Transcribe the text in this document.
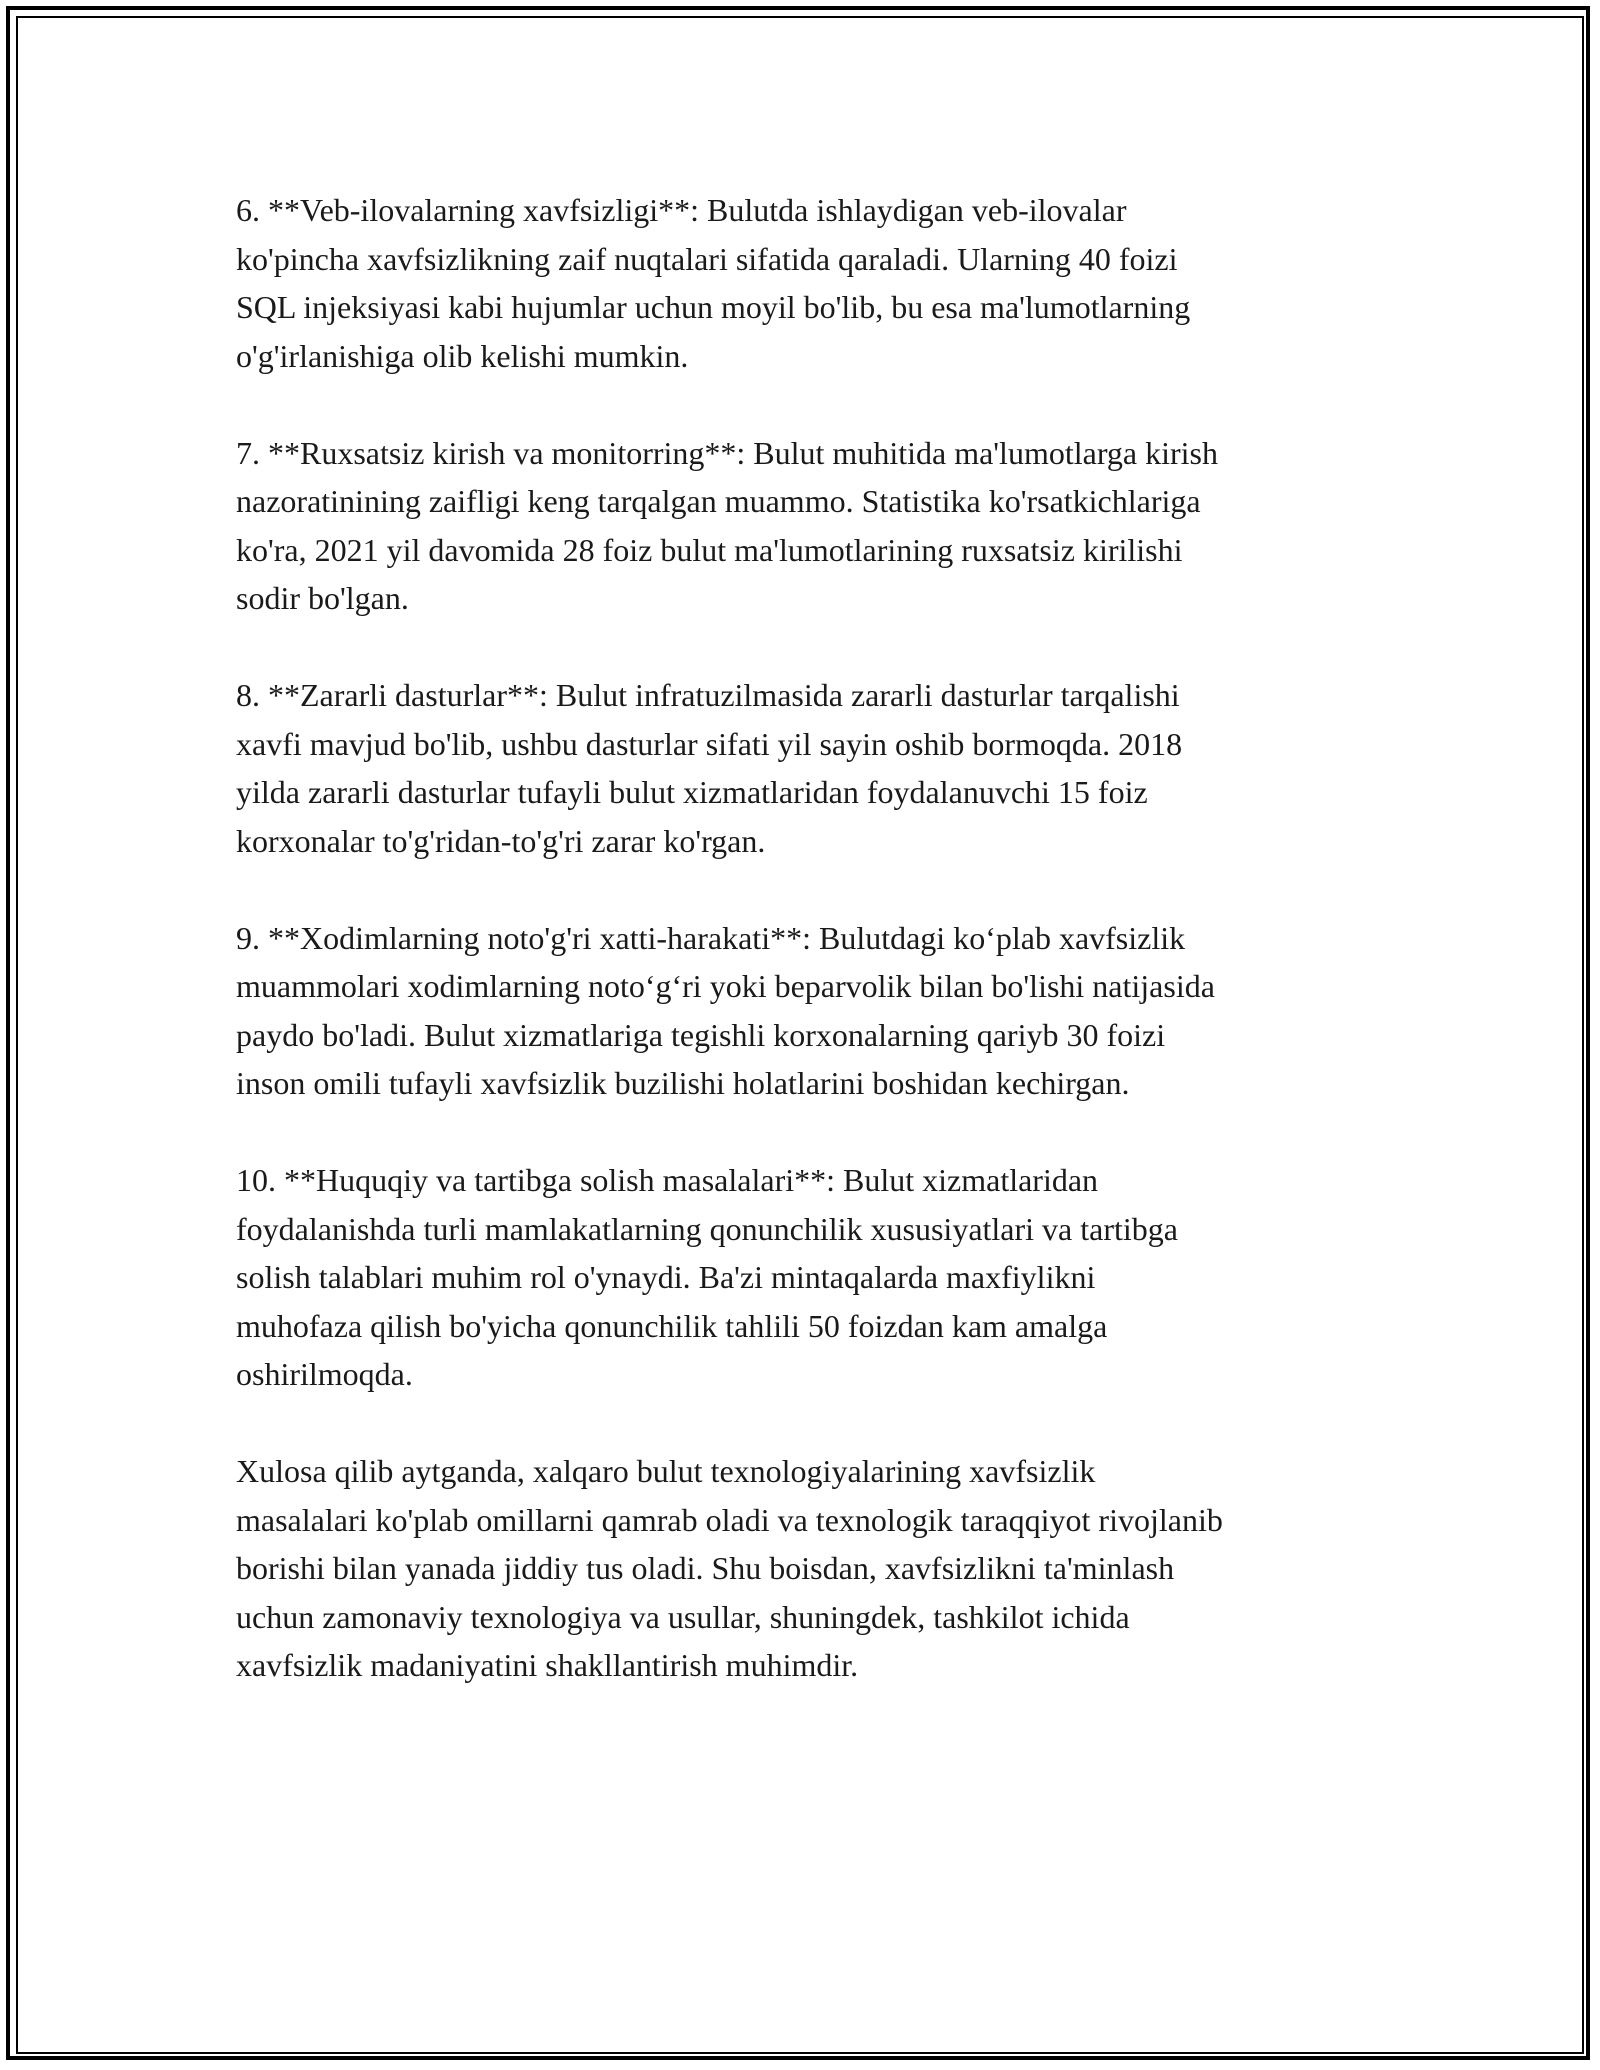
6. **Veb-ilovalarning xavfsizligi**: Bulutda ishlaydigan veb-ilovalar
ko'pincha xavfsizlikning zaif nuqtalari sifatida qaraladi. Ularning 40 foizi
SQL injeksiyasi kabi hujumlar uchun moyil bo'lib, bu esa ma'lumotlarning
o'g'irlanishiga olib kelishi mumkin.

7. **Ruxsatsiz kirish va monitorring**: Bulut muhitida ma'lumotlarga kirish
nazoratinining zaifligi keng tarqalgan muammo. Statistika ko'rsatkichlariga
ko'ra, 2021 yil davomida 28 foiz bulut ma'lumotlarining ruxsatsiz kirilishi
sodir bo'lgan.

8. **Zararli dasturlar**: Bulut infratuzilmasida zararli dasturlar tarqalishi
xavfi mavjud bo'lib, ushbu dasturlar sifati yil sayin oshib bormoqda. 2018
yilda zararli dasturlar tufayli bulut xizmatlaridan foydalanuvchi 15 foiz
korxonalar to'g'ridan-to'g'ri zarar ko'rgan.

9. **Xodimlarning noto'g'ri xatti-harakati**: Bulutdagi ko‘plab xavfsizlik
muammolari xodimlarning noto‘g‘ri yoki beparvolik bilan bo'lishi natijasida
paydo bo'ladi. Bulut xizmatlariga tegishli korxonalarning qariyb 30 foizi
inson omili tufayli xavfsizlik buzilishi holatlarini boshidan kechirgan.

10. **Huquqiy va tartibga solish masalalari**: Bulut xizmatlaridan
foydalanishda turli mamlakatlarning qonunchilik xususiyatlari va tartibga
solish talablari muhim rol o'ynaydi. Ba'zi mintaqalarda maxfiylikni
muhofaza qilish bo'yicha qonunchilik tahlili 50 foizdan kam amalga
oshirilmoqda.

Xulosa qilib aytganda, xalqaro bulut texnologiyalarining xavfsizlik
masalalari ko'plab omillarni qamrab oladi va texnologik taraqqiyot rivojlanib
borishi bilan yanada jiddiy tus oladi. Shu boisdan, xavfsizlikni ta'minlash
uchun zamonaviy texnologiya va usullar, shuningdek, tashkilot ichida
xavfsizlik madaniyatini shakllantirish muhimdir.
